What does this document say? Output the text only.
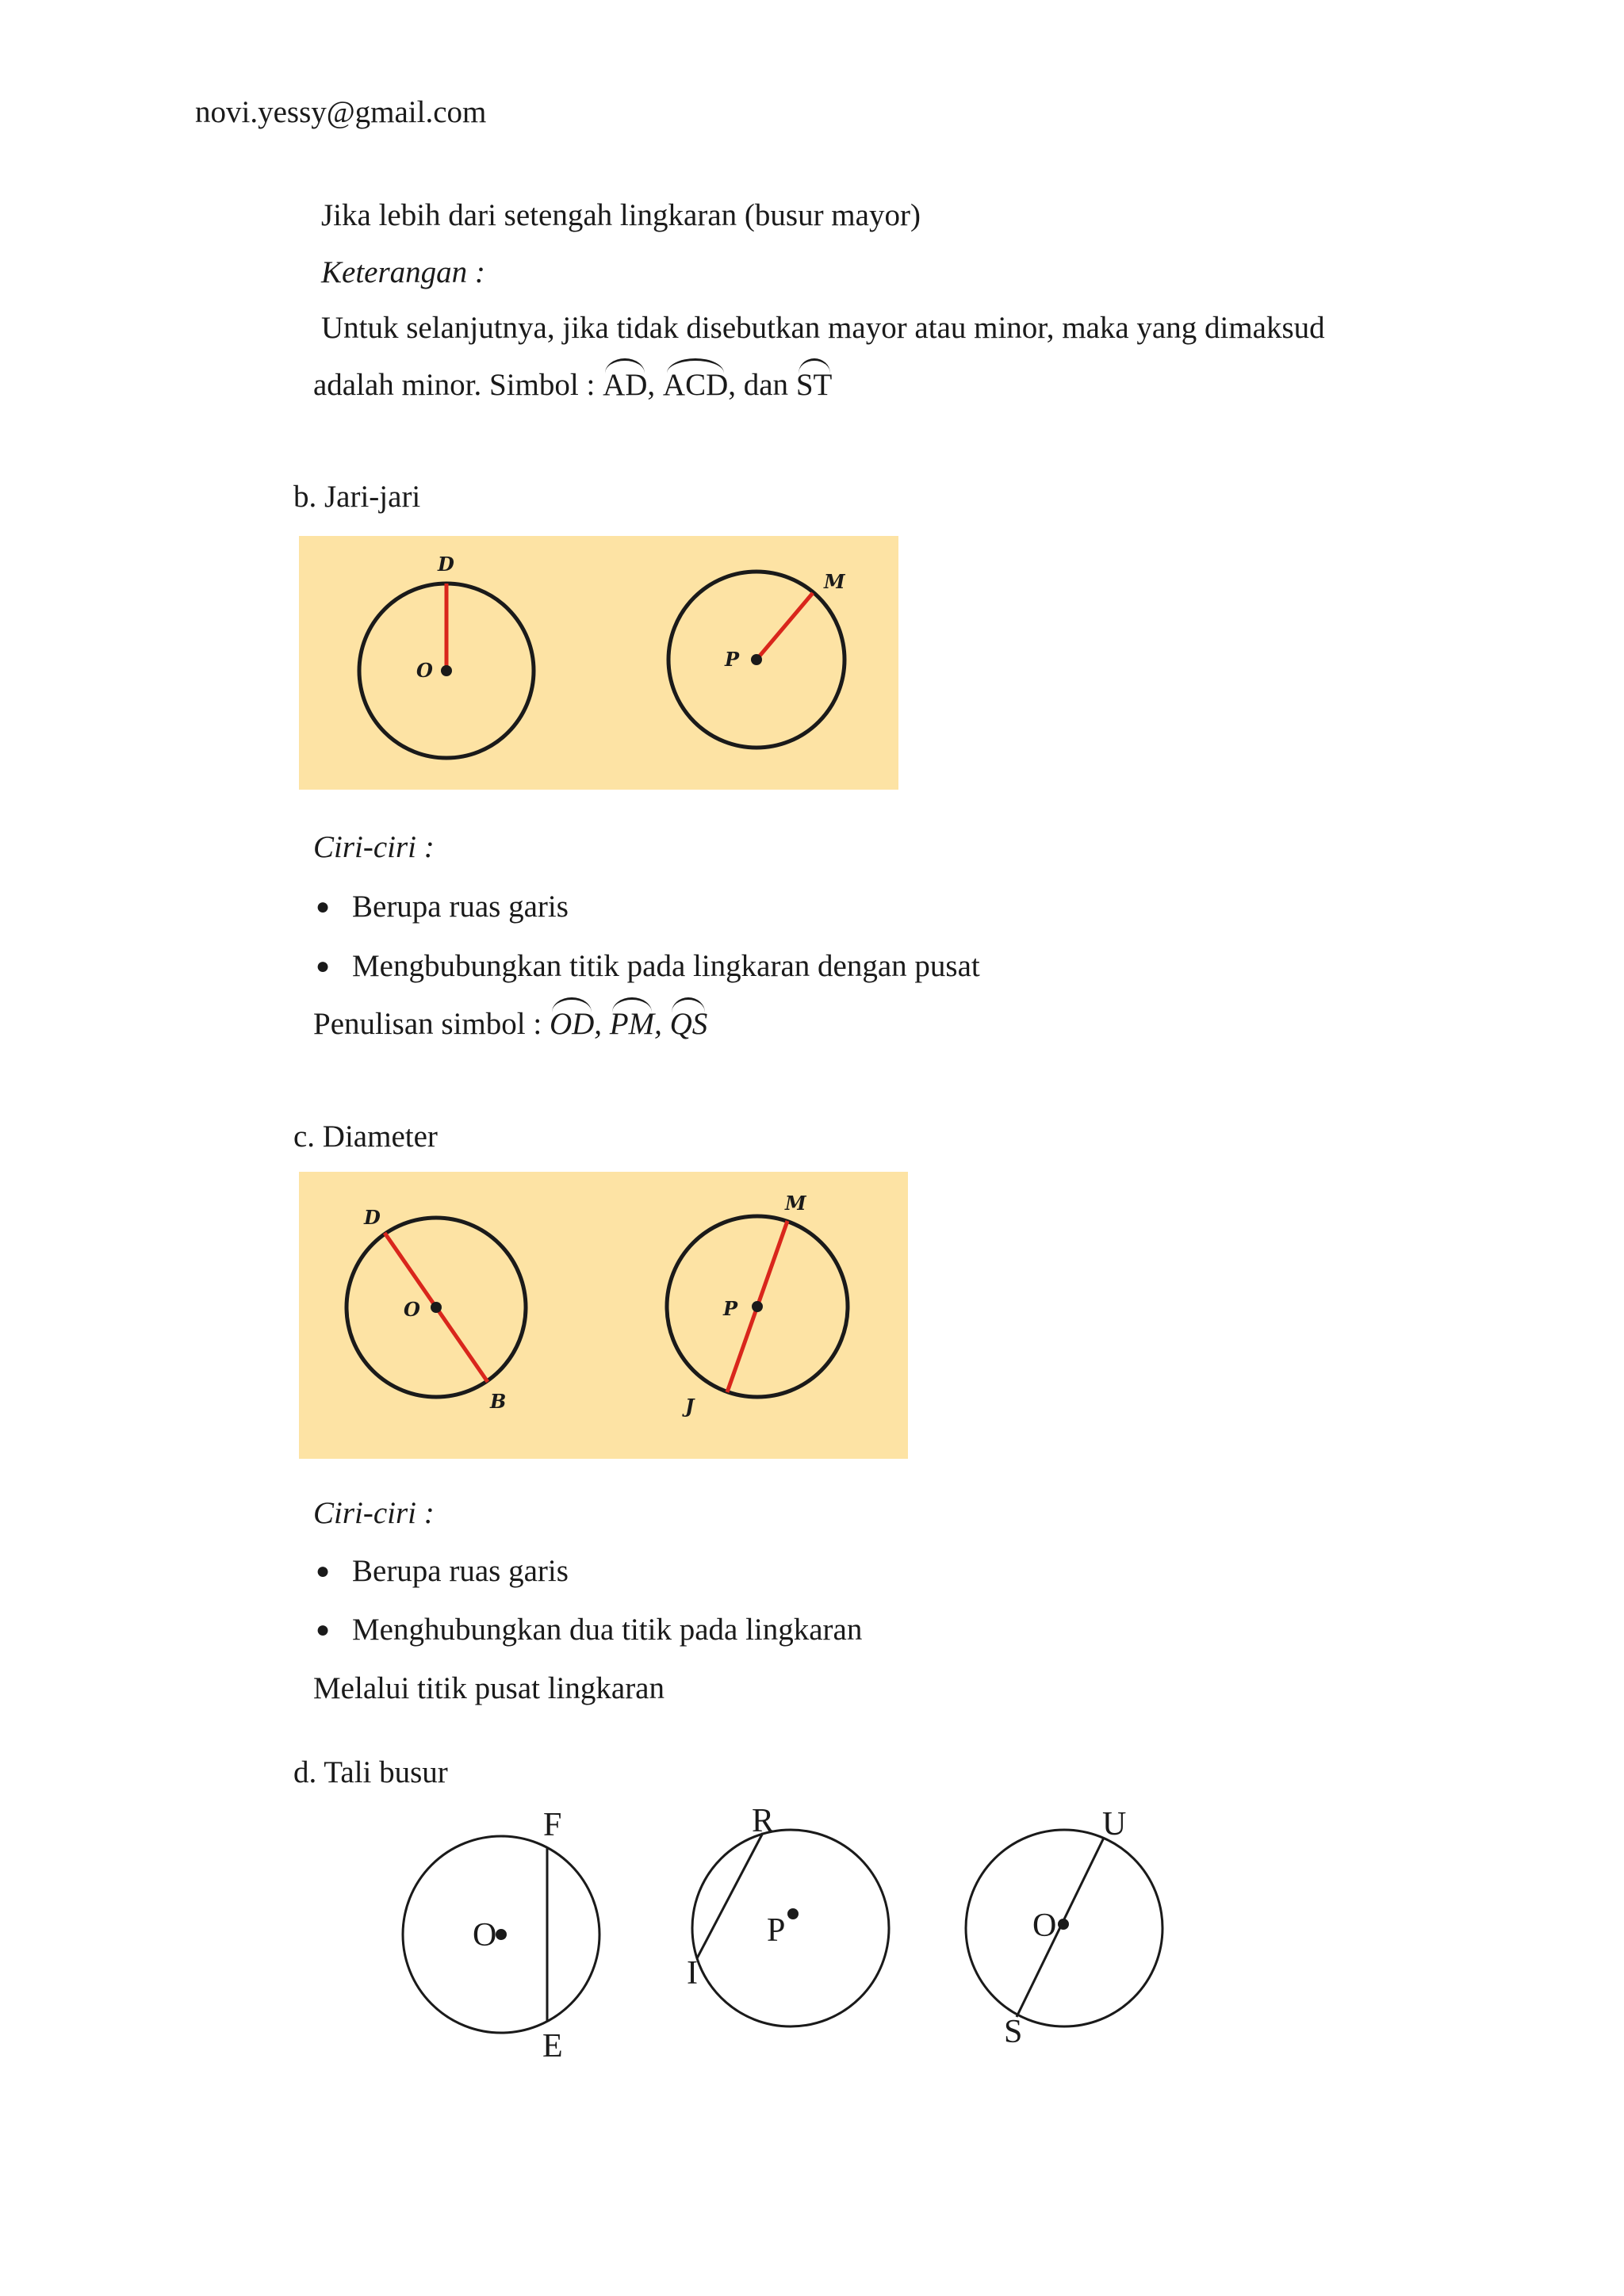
novi.yessy@gmail.com
Jika lebih dari setengah lingkaran (busur mayor)
Keterangan :
Untuk selanjutnya, jika tidak disebutkan mayor atau minor, maka yang dimaksud
adalah minor. Simbol : AD, ACD, dan ST
b. Jari-jari
D
O
M
P
Ciri-ciri :
● Berupa ruas garis
● Mengbubungkan titik pada lingkaran dengan pusat
Penulisan simbol : OD, PM, QS
c. Diameter
D
O
B
M
P
J
Ciri-ciri :
● Berupa ruas garis
● Menghubungkan dua titik pada lingkaran
Melalui titik pusat lingkaran
d. Tali busur
F
O
E
R
P
I
U
O
S
